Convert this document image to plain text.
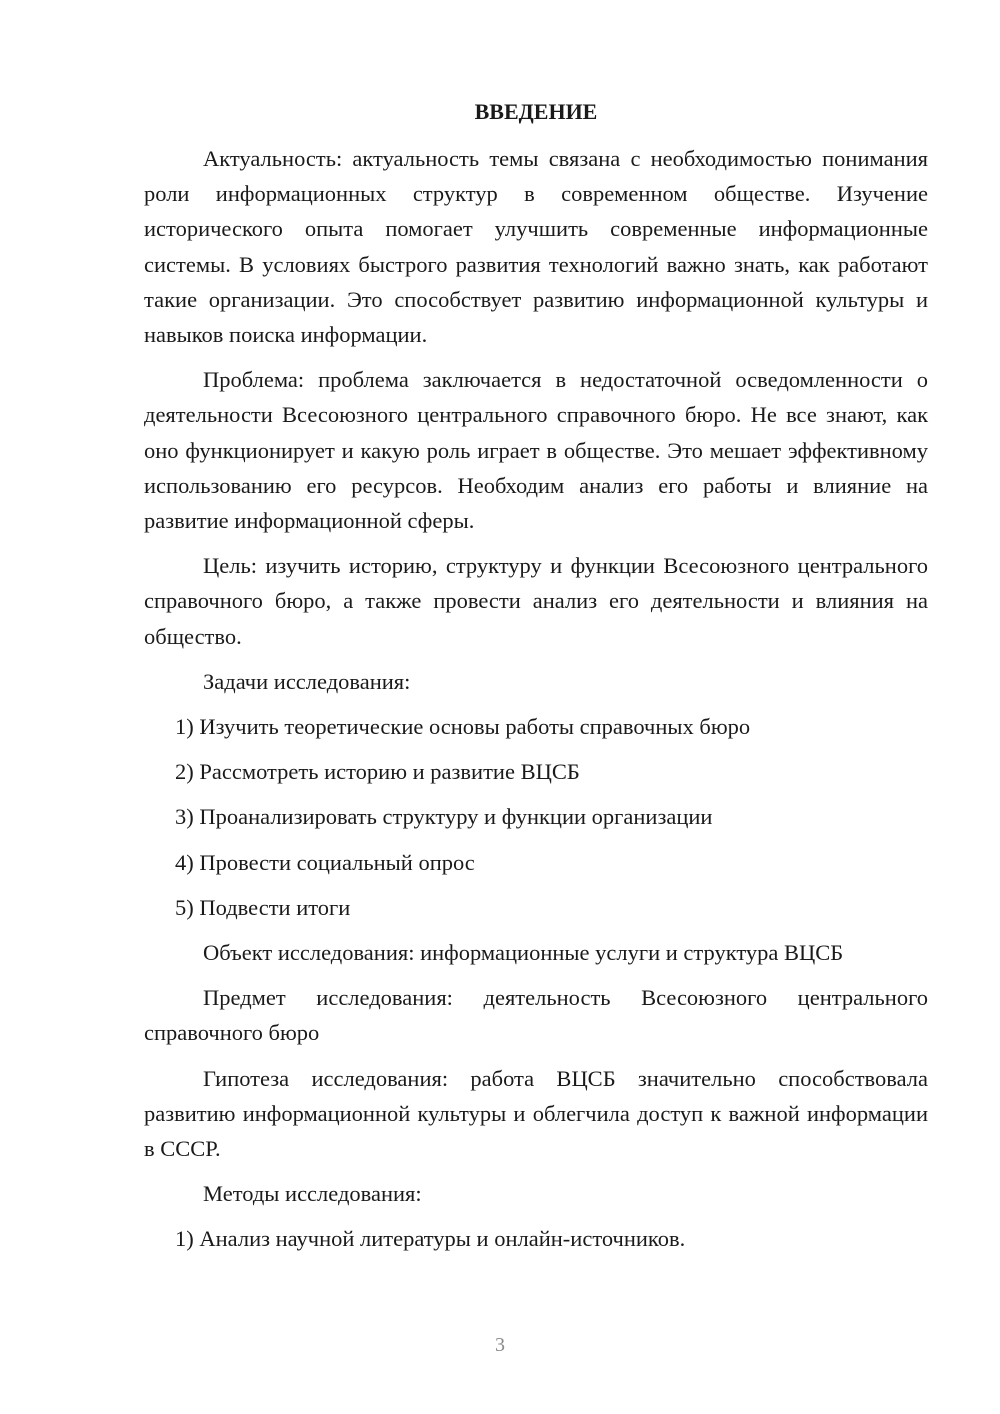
ВВЕДЕНИЕ

Актуальность: актуальность темы связана с необходимостью понимания роли информационных структур в современном обществе. Изучение исторического опыта помогает улучшить современные информационные системы. В условиях быстрого развития технологий важно знать, как работают такие организации. Это способствует развитию информационной культуры и навыков поиска информации.

Проблема: проблема заключается в недостаточной осведомленности о деятельности Всесоюзного центрального справочного бюро. Не все знают, как оно функционирует и какую роль играет в обществе. Это мешает эффективному использованию его ресурсов. Необходим анализ его работы и влияние на развитие информационной сферы.

Цель: изучить историю, структуру и функции Всесоюзного центрального справочного бюро, а также провести анализ его деятельности и влияния на общество.

Задачи исследования:

1) Изучить теоретические основы работы справочных бюро

2) Рассмотреть историю и развитие ВЦСБ

3) Проанализировать структуру и функции организации

4) Провести социальный опрос

5) Подвести итоги

Объект исследования: информационные услуги и структура ВЦСБ

Предмет исследования: деятельность Всесоюзного центрального справочного бюро

Гипотеза исследования: работа ВЦСБ значительно способствовала развитию информационной культуры и облегчила доступ к важной информации в СССР.

Методы исследования:

1) Анализ научной литературы и онлайн-источников.

3
